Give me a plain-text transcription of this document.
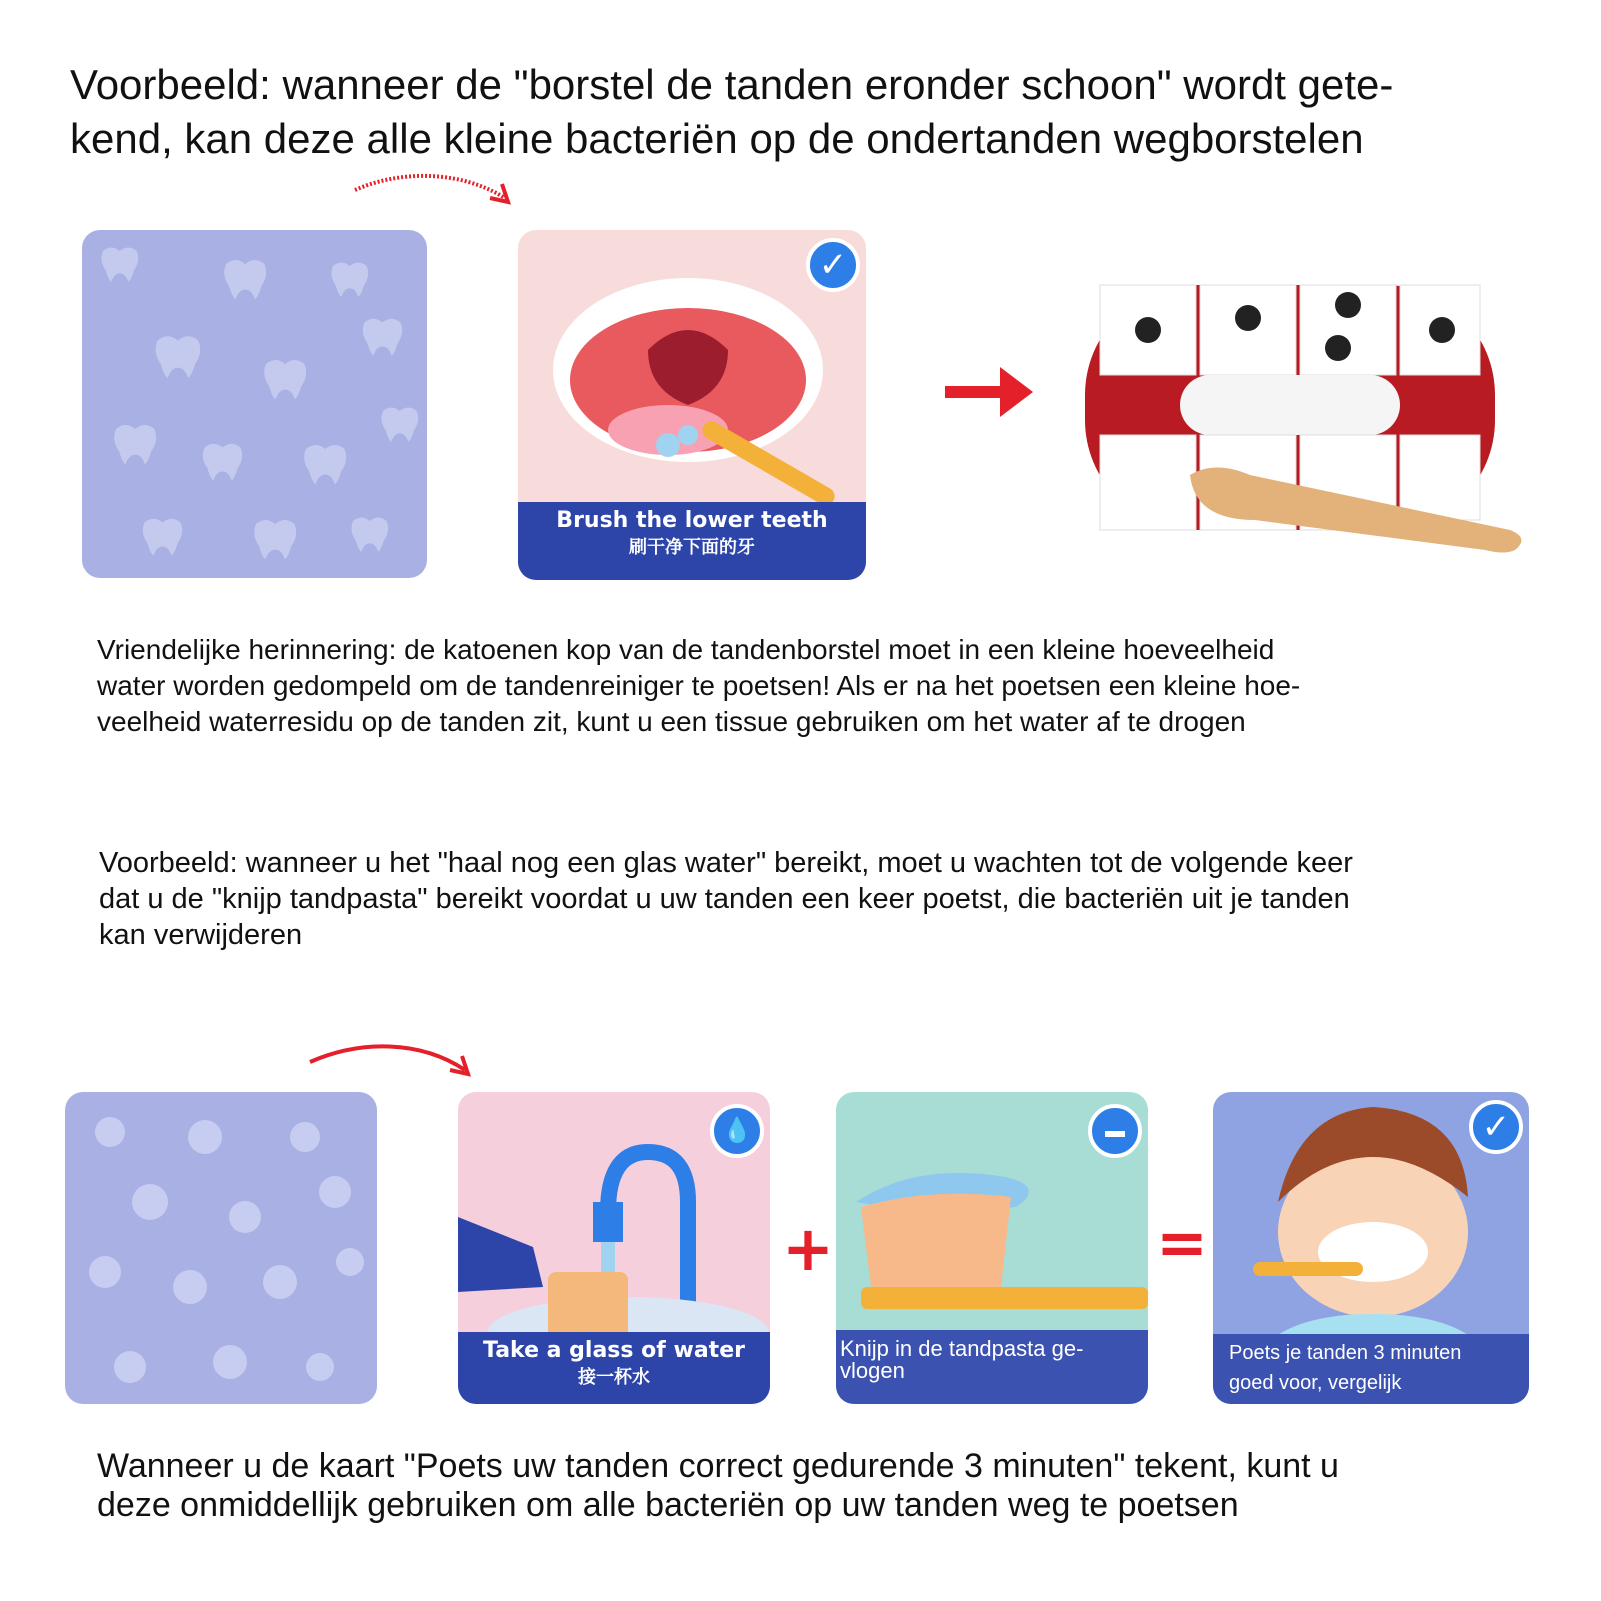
Voorbeeld: wanneer de "borstel de tanden eronder schoon" wordt gete-
kend, kan deze alle kleine bacteriën op de ondertanden wegborstelen
✓
Brush the lower teeth
刷干净下面的牙
Vriendelijke herinnering: de katoenen kop van de tandenborstel moet in een kleine hoeveelheid
water worden gedompeld om de tandenreiniger te poetsen! Als er na het poetsen een kleine hoe-
veelheid waterresidu op de tanden zit, kunt u een tissue gebruiken om het water af te drogen
Voorbeeld: wanneer u het "haal nog een glas water" bereikt, moet u wachten tot de volgende keer
dat u de "knijp tandpasta" bereikt voordat u uw tanden een keer poetst, die bacteriën uit je tanden
kan verwijderen
💧
Take a glass of water
接一杯水
+
▬
Knijp in de tandpasta ge-
vlogen
=
✓
Poets je tanden 3 minuten
goed voor, vergelijk
Wanneer u de kaart "Poets uw tanden correct gedurende 3 minuten" tekent, kunt u
deze onmiddellijk gebruiken om alle bacteriën op uw tanden weg te poetsen
